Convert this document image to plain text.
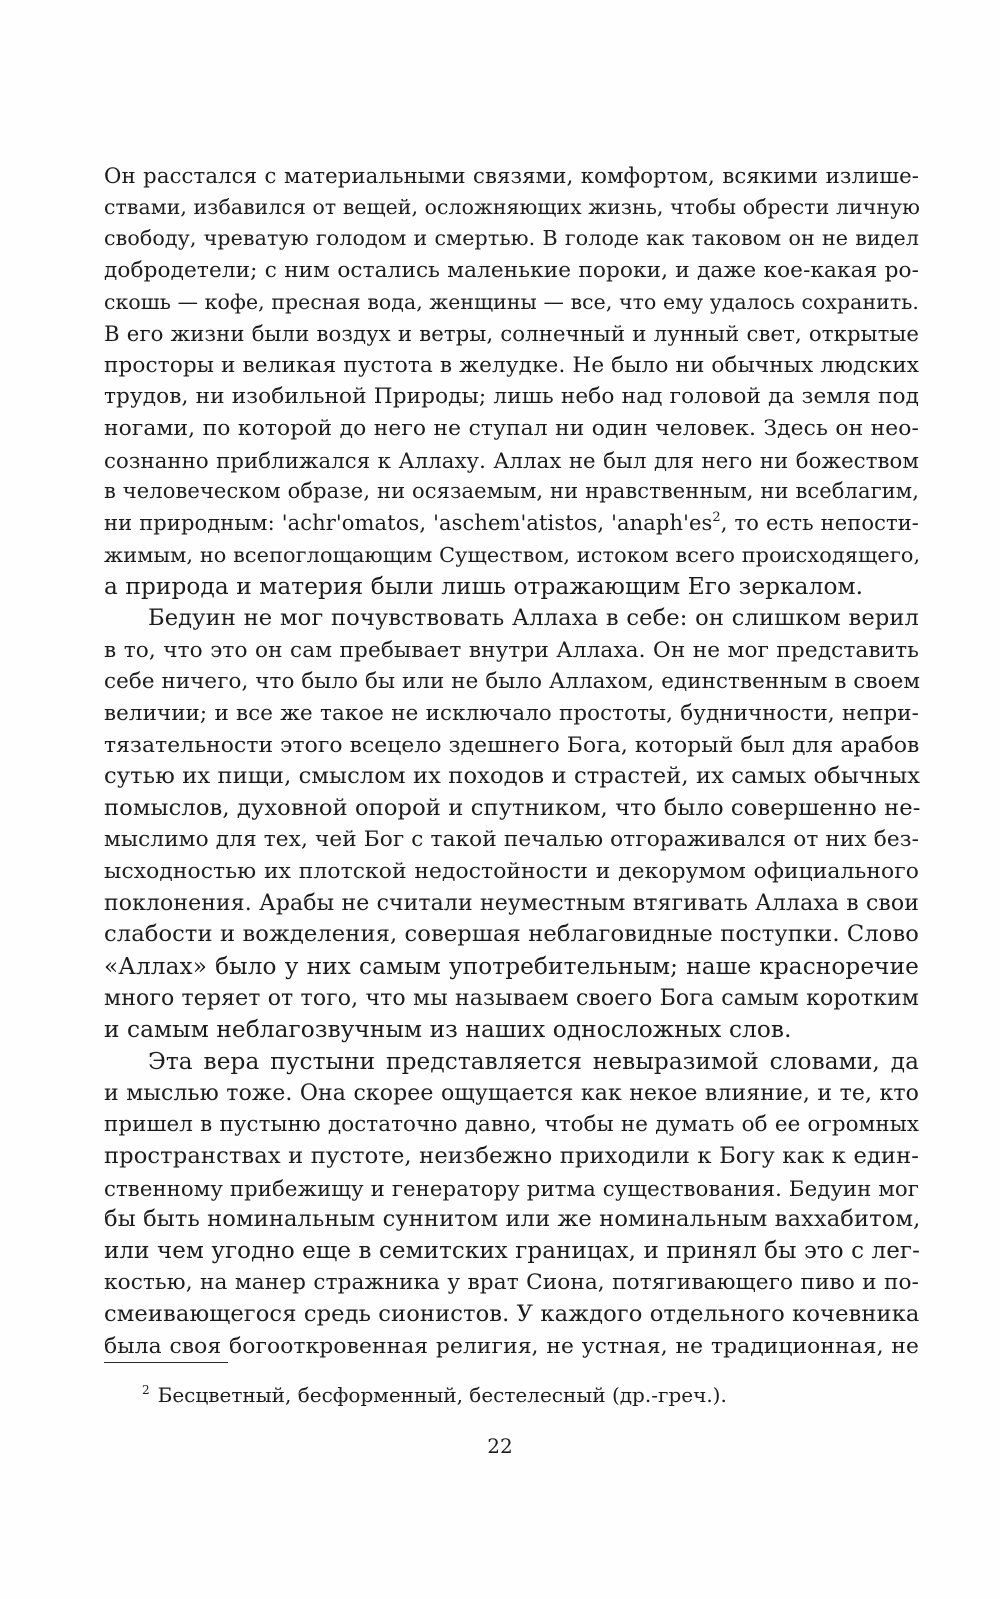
Он расстался с материальными связями, комфортом, всякими излише-
ствами, избавился от вещей, осложняющих жизнь, чтобы обрести личную
свободу, чреватую голодом и смертью. В голоде как таковом он не видел
добродетели; с ним остались маленькие пороки, и даже кое-какая ро-
скошь — кофе, пресная вода, женщины — все, что ему удалось сохранить.
В его жизни были воздух и ветры, солнечный и лунный свет, открытые
просторы и великая пустота в желудке. Не было ни обычных людских
трудов, ни изобильной Природы; лишь небо над головой да земля под
ногами, по которой до него не ступал ни один человек. Здесь он нео-
сознанно приближался к Аллаху. Аллах не был для него ни божеством
в человеческом образе, ни осязаемым, ни нравственным, ни всеблагим,
ни природным: 'achr'omatos, 'aschem'atistos, 'anaph'es$^2$, то есть непости-
жимым, но всепоглощающим Существом, истоком всего происходящего,
а природа и материя были лишь отражающим Его зеркалом.
Бедуин не мог почувствовать Аллаха в себе: он слишком верил
в то, что это он сам пребывает внутри Аллаха. Он не мог представить
себе ничего, что было бы или не было Аллахом, единственным в своем
величии; и все же такое не исключало простоты, будничности, непри-
тязательности этого всецело здешнего Бога, который был для арабов
сутью их пищи, смыслом их походов и страстей, их самых обычных
помыслов, духовной опорой и спутником, что было совершенно не-
мыслимо для тех, чей Бог с такой печалью отгораживался от них без-
ысходностью их плотской недостойности и декорумом официального
поклонения. Арабы не считали неуместным втягивать Аллаха в свои
слабости и вожделения, совершая неблаговидные поступки. Слово
«Аллах» было у них самым употребительным; наше красноречие
много теряет от того, что мы называем своего Бога самым коротким
и самым неблагозвучным из наших односложных слов.
Эта вера пустыни представляется невыразимой словами, да
и мыслью тоже. Она скорее ощущается как некое влияние, и те, кто
пришел в пустыню достаточно давно, чтобы не думать об ее огромных
пространствах и пустоте, неизбежно приходили к Богу как к един-
ственному прибежищу и генератору ритма существования. Бедуин мог
бы быть номинальным суннитом или же номинальным ваххабитом,
или чем угодно еще в семитских границах, и принял бы это с лег-
костью, на манер стражника у врат Сиона, потягивающего пиво и по-
смеивающегося средь сионистов. У каждого отдельного кочевника
была своя богооткровенная религия, не устная, не традиционная, не
$^2$ Бесцветный, бесформенный, бестелесный (др.-греч.).
22
